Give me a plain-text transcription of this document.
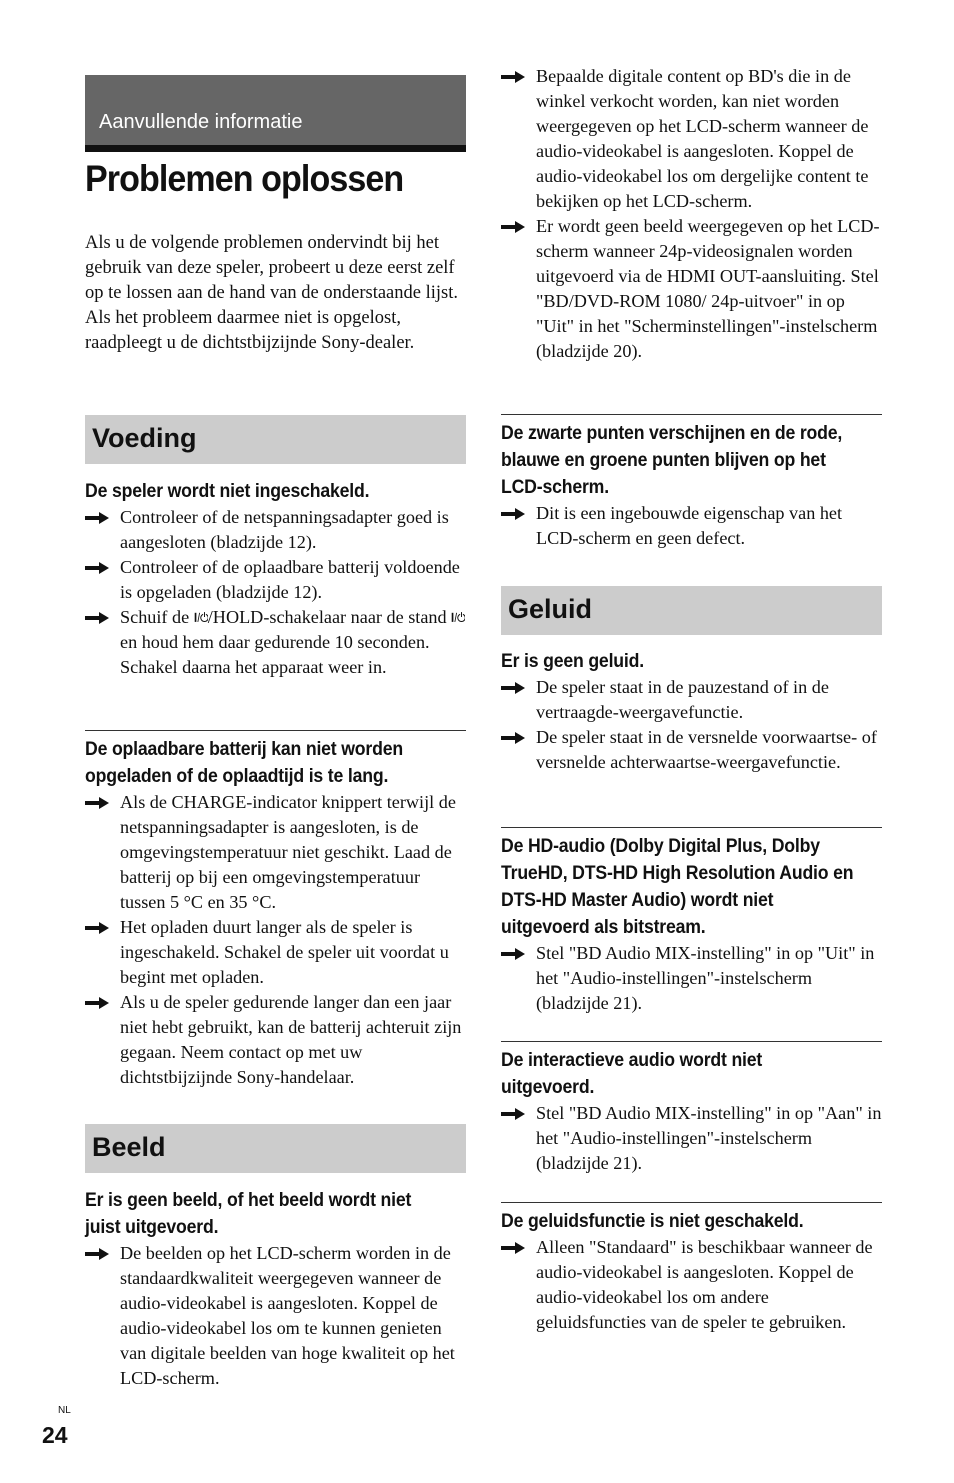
Aanvullende informatie
Problemen oplossen

Als u de volgende problemen ondervindt bij het gebruik van deze speler, probeert u deze eerst zelf op te lossen aan de hand van de onderstaande lijst. Als het probleem daarmee niet is opgelost, raadpleegt u de dichtstbijzijnde Sony-dealer.

Voeding
De speler wordt niet ingeschakeld.
Controleer of de netspanningsadapter goed is aangesloten (bladzijde 12).
Controleer of de oplaadbare batterij voldoende is opgeladen (bladzijde 12).
Schuif de /HOLD-schakelaar naar de stand  en houd hem daar gedurende 10 seconden. Schakel daarna het apparaat weer in.
De oplaadbare batterij kan niet worden opgeladen of de oplaadtijd is te lang.
Als de CHARGE-indicator knippert terwijl de netspanningsadapter is aangesloten, is de omgevingstemperatuur niet geschikt. Laad de batterij op bij een omgevingstemperatuur tussen 5 °C en 35 °C.
Het opladen duurt langer als de speler is ingeschakeld. Schakel de speler uit voordat u begint met opladen.
Als u de speler gedurende langer dan een jaar niet hebt gebruikt, kan de batterij achteruit zijn gegaan. Neem contact op met uw dichtstbijzijnde Sony-handelaar.
Beeld
Er is geen beeld, of het beeld wordt niet juist uitgevoerd.
De beelden op het LCD-scherm worden in de standaardkwaliteit weergegeven wanneer de audio-videokabel is aangesloten. Koppel de audio-videokabel los om te kunnen genieten van digitale beelden van hoge kwaliteit op het LCD-scherm.
Bepaalde digitale content op BD's die in de winkel verkocht worden, kan niet worden weergegeven op het LCD-scherm wanneer de audio-videokabel is aangesloten. Koppel de audio-videokabel los om dergelijke content te bekijken op het LCD-scherm.
Er wordt geen beeld weergegeven op het LCD-scherm wanneer 24p-videosignalen worden uitgevoerd via de HDMI OUT-aansluiting. Stel "BD/DVD-ROM 1080/ 24p-uitvoer" in op "Uit" in het "Scherminstellingen"-instelscherm (bladzijde 20).
De zwarte punten verschijnen en de rode, blauwe en groene punten blijven op het LCD-scherm.
Dit is een ingebouwde eigenschap van het LCD-scherm en geen defect.
Geluid
Er is geen geluid.
De speler staat in de pauzestand of in de vertraagde-weergavefunctie.
De speler staat in de versnelde voorwaartse- of versnelde achterwaartse-weergavefunctie.
De HD-audio (Dolby Digital Plus, Dolby TrueHD, DTS-HD High Resolution Audio en DTS-HD Master Audio) wordt niet uitgevoerd als bitstream.
Stel "BD Audio MIX-instelling" in op "Uit" in het "Audio-instellingen"-instelscherm (bladzijde 21).
De interactieve audio wordt niet uitgevoerd.
Stel "BD Audio MIX-instelling" in op "Aan" in het "Audio-instellingen"-instelscherm (bladzijde 21).
De geluidsfunctie is niet geschakeld.
Alleen "Standaard" is beschikbaar wanneer de audio-videokabel is aangesloten. Koppel de audio-videokabel los om andere geluidsfuncties van de speler te gebruiken.
NL
24
